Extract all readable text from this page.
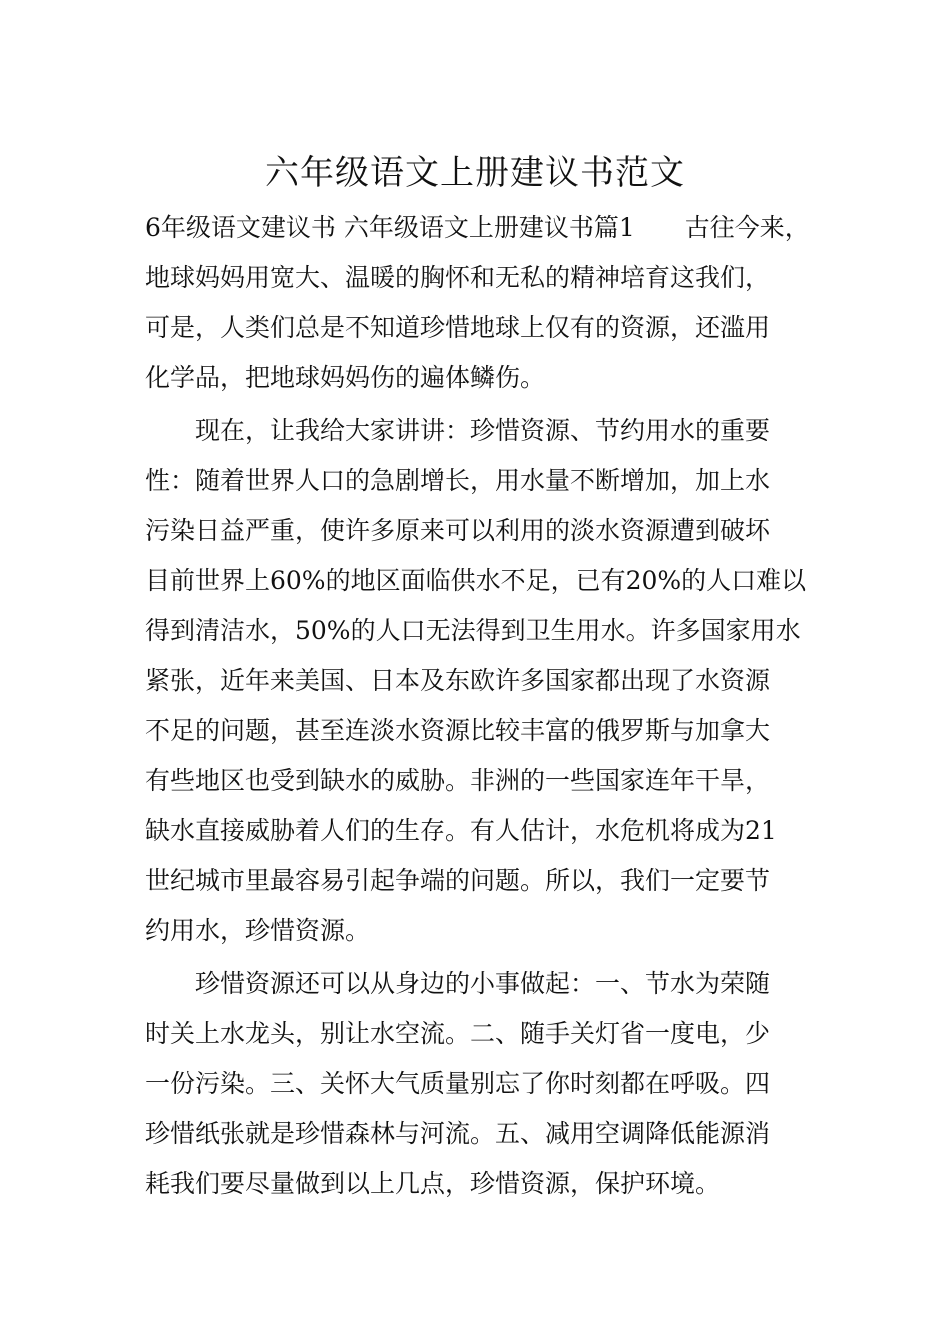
六年级语文上册建议书范文
6年级语文建议书 六年级语文上册建议书篇1　　古往今来，
地球妈妈用宽大、温暖的胸怀和无私的精神培育这我们，
可是，人类们总是不知道珍惜地球上仅有的资源，还滥用
化学品，把地球妈妈伤的遍体鳞伤。
　　现在，让我给大家讲讲：珍惜资源、节约用水的重要
性：随着世界人口的急剧增长，用水量不断增加，加上水
污染日益严重，使许多原来可以利用的淡水资源遭到破坏
目前世界上60%的地区面临供水不足，已有20%的人口难以
得到清洁水，50%的人口无法得到卫生用水。许多国家用水
紧张，近年来美国、日本及东欧许多国家都出现了水资源
不足的问题，甚至连淡水资源比较丰富的俄罗斯与加拿大
有些地区也受到缺水的威胁。非洲的一些国家连年干旱，
缺水直接威胁着人们的生存。有人估计，水危机将成为21
世纪城市里最容易引起争端的问题。所以，我们一定要节
约用水，珍惜资源。
　　珍惜资源还可以从身边的小事做起：一、节水为荣随
时关上水龙头，别让水空流。二、随手关灯省一度电，少
一份污染。三、关怀大气质量别忘了你时刻都在呼吸。四
珍惜纸张就是珍惜森林与河流。五、减用空调降低能源消
耗我们要尽量做到以上几点，珍惜资源，保护环境。
